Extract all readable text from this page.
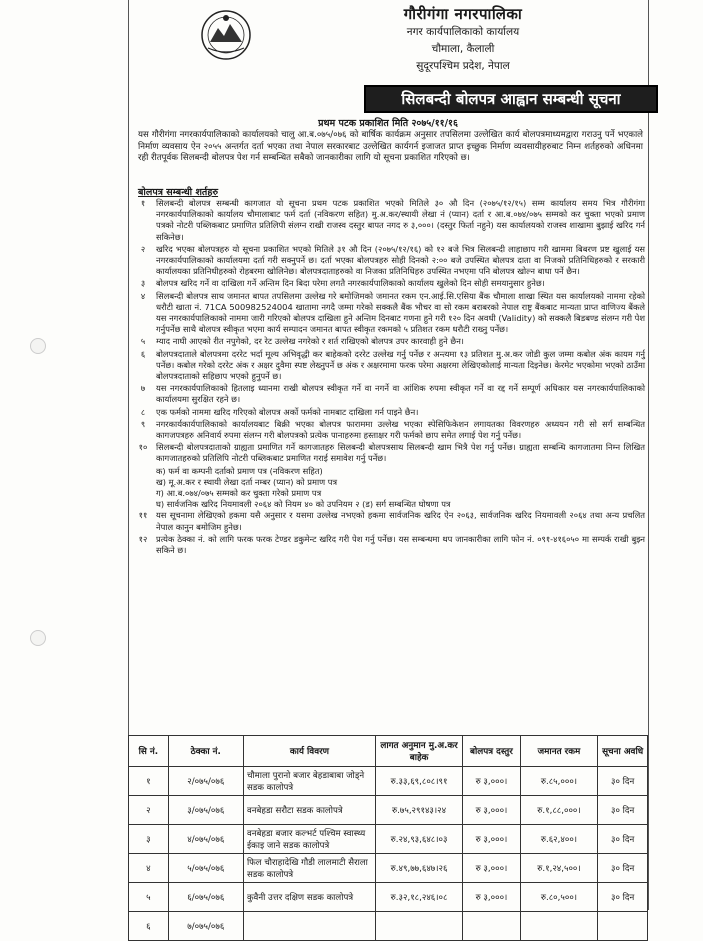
गौरीगंगा नगरपालिका
नगर कार्यपालिकाको कार्यालय
चौमाला, कैलाली
सुदूरपश्चिम प्रदेश, नेपाल
सिलबन्दी बोलपत्र आह्वान सम्बन्धी सूचना
प्रथम पटक प्रकाशित मिति २०७५/११/१६
यस गौरीगंगा नगरकार्यपालिकाको कार्यालयको चालु आ.ब.०७५/०७६ को बार्षिक कार्यक्रम अनुसार तपसिलमा उल्लेखित कार्य बोलपत्रमाध्यमद्वारा गराउनु पर्ने भएकाले निर्माण व्यवसाय ऐन २०५५ अन्तर्गत दर्ता भएका तथा नेपाल सरकारबाट उल्लेखित कार्यगर्न इजाजत प्राप्त इच्छुक निर्माण व्यवसायीहरुबाट निम्न शर्तहरुको अधिनमा रही रीतपूर्वक सिलबन्दी बोलपत्र पेश गर्न सम्बन्धित सबैको जानकारीका लागि यो सूचना प्रकाशित गरिएको छ।
बोलपत्र सम्बन्धी शर्तहरु
१	सिलबन्दी बोलपत्र सम्बन्धी कागजात यो सूचना प्रथम पटक प्रकाशित भएको मितिले ३० औ दिन (२०७५/१२/१५) सम्म कार्यालय समय भित्र गौरीगंगा नगरकार्यपालिकाको कार्यालय चौमालाबाट फर्म दर्ता (नविकरण सहित) मु.अ.कर/स्थायी लेखा नं (प्यान) दर्ता र आ.ब.०७४/०७५ सम्मको कर चुक्ता भएको प्रमाण पत्रको नोटरी पब्लिकबाट प्रमाणित प्रतिलिपी संलग्न राखी राजस्व दस्तुर बापत नगद रु ३,०००। (दस्तुर फिर्ता नहुने) यस कार्यालयको राजस्व शाखामा बुझाई खरिद गर्न सकिनेछ।
२	खरिद भएका बोलपत्रहरु यो सूचना प्रकाशित भएको मितिले ३१ औ दिन (२०७५/१२/१६) को १२ बजे भित्र सिलबन्दी लाहाछाप गरी खाममा बिबरण प्रष्ट खुलाई यस नगरकार्यपालिकाको कार्यालयमा दर्ता गरी सक्नुपर्ने छ। दर्ता भएका बोलपत्रहरु सोही दिनको २:०० बजे उपस्थित बोलपत्र दाता वा निजको प्रतिनिधिहरुको र सरकारी कार्यालयका प्रतिनिधीहरुको रोहबरमा खोलिनेछ। बोलपत्रदाताहरुको वा निजका प्रतिनिधिहरु उपस्थित नभएमा पनि बोलपत्र खोल्न बाधा पर्ने छैन।
३	बोलपत्र खरिद गर्ने वा दाखिला गर्ने अन्तिम दिन बिदा परेमा लगतै नगरकार्यपालिकाको कार्यालय खुलेको दिन सोही समयानुसार हुनेछ।
४	सिलबन्दी बोलपत्र साथ जमानत बापत तपसिलमा उल्लेख गरे बमोजिमको जमानत रकम एन.आई.सि.एसिया बैंक चौमाला शाखा स्थित यस कार्यालयको नाममा रहेको धरौटी खाता नं. 71CA 500982524004 खातामा नगदै जम्मा गरेको सक्कलै बैंक भौचर वा सो रकम बराबरको नेपाल राष्ट्र बैंकबाट मान्यता प्राप्त वाणिज्य बैंकले यस नगरकार्यपालिकाको नाममा जारी गरिएको बोलपत्र दाखिला हुने अन्तिम दिनबाट गणना हुने गरी १२० दिन अवधी (Validity) को सक्कलै बिडबण्ड संलग्न गरी पेश गर्नुपर्नेछ साथै बोलपत्र स्वीकृत भएमा कार्य सम्पादन जमानत बापत स्वीकृत रकमको ५ प्रतिशत रकम धरौटी राख्नु पर्नेछ।
५	म्याद नाघी आएको रीत नपुगेको, दर रेट उल्लेख नगरेको र शर्त राखिएको बोलपत्र उपर कारवाही हुने छैन।
६	बोलपत्रदाताले बोलपत्रमा दररेट भर्दा मूल्य अभिवृद्धी कर बाहेकको दररेट उल्लेख गर्नु पर्नेछ र अन्त्यमा १३ प्रतिशत मु.अ.कर जोडी कुल जम्मा कबोल अंक कायम गर्नु पर्नेछ। कबोल गरेको दररेट अंक र अक्षर दुवैमा स्पष्ट लेख्नुपर्ने छ अंक र अक्षरमामा फरक परेमा अक्षरमा लेखिएकोलाई मान्यता दिइनेछ। केरमेट भएकोमा भएको ठाउँमा बोलपत्रदाताको सहिछाप भएको हुनुपर्ने छ।
७	यस नगरकार्यपालिकाको हितलाइ ध्यानमा राखी बोलपत्र स्वीकृत गर्ने वा नगर्ने वा आंशिक रुपमा स्वीकृत गर्ने वा रद्द गर्ने सम्पूर्ण अधिकार यस नगरकार्यपालिकाको कार्यालयमा सुरक्षित रहने छ।
८	एक फर्मको नाममा खरिद गरिएको बोलपत्र अर्को फर्मको नामबाट दाखिला गर्न पाइने छैन।
९	नगरकार्यकार्यपालिकाको कार्यालयबाट बिक्री भएका बोलपत्र फाराममा उल्लेख भएका स्पेसिफिकेशन लगायतका विवरणहरु अध्ययन गरी सो सर्ग सम्बन्धित कागजपत्रहरु अनिवार्य रुपमा संलग्न गरी बोलपत्रको प्रत्येक पानाहरुमा हस्ताक्षर गरी फर्मको छाप समेत लगाई पेश गर्नु पर्नेछ।
१०	सिलबन्दी बोलपत्रदाताको ग्राह्यता प्रमाणित गर्ने कागजातहरु सिलबन्दी बोलपत्रसाथ सिलबन्दी खाम भित्रै पेश गर्नु पर्नेछ। ग्राह्यता सम्बन्धि कागजातमा निम्न लिखित कागजातहरुको प्रतिलिपि नोटरी पब्लिकबाट प्रमाणित गराई समावेश गर्नु पर्नेछ।
क) फर्म वा कम्पनी दर्ताको प्रमाण पत्र (नविकरण सहित)
ख) मू.अ.कर र स्थायी लेखा दर्ता नम्बर (प्यान) को प्रमाण पत्र
ग) आ.ब.०७४/०७५ सम्मको कर चुक्ता गरेको प्रमाण पत्र
घ) सार्वजनिक खरिद नियमावली २०६४ को नियम ४० को उपनियम २ (ड) सर्ग सम्बन्धित घोषणा पत्र
११	यस सूचनामा लेखिएको हकमा यसै अनुसार र यसमा उल्लेख नभएको हकमा सार्वजनिक खरिद ऐन २०६३, सार्वजनिक खरिद नियमावली २०६४ तथा अन्य प्रचलित नेपाल कानुन बमोजिम हुनेछ।
१२	प्रत्येक ठेक्का नं. को लागि फरक फरक टेण्डर डकुमेन्ट खरिद गरी पेश गर्नु पर्नेछ। यस सम्बन्धमा थप जानकारीका लागि फोन नं. ०९१-४१६०५० मा सम्पर्क राखी बुझ्न सकिने छ।
सि नं.	ठेक्का नं.	कार्य विवरण	लागत अनुमान मु.अ.कर बाहेक	बोलपत्र दस्तुर	जमानत रकम	सूचना अवधि
१	२/०७५/०७६	चौमाला पुरानो बजार बेहडाबाबा जोड्ने सडक कालोपत्रे	रु.३३,६९,८०८।९१	रु ३,०००।	रु.८५,०००।	३० दिन
२	३/०७५/०७६	वनबेहडा सरौटा सडक कालोपत्रे	रु.७५,२९१४३।२४	रु ३,०००।	रु.१,८८,०००।	३० दिन
३	४/०७५/०७६	वनबेहडा बजार कल्भर्ट पश्चिम स्वास्थ्य ईकाइ जाने सडक कालोपत्रे	रु.२४,९३,६४८।०३	रु ३,०००।	रु.६२,४००।	३० दिन
४	५/०७५/०७६	फिल चौराहादेखि गौडी लालमाटी सैराला सडक कालोपत्रे	रु.४९,७७,६४७।२६	रु ३,०००।	रु.१,२४,५००।	३० दिन
५	६/०७५/०७६	कुवैनी उत्तर दक्षिण सडक कालोपत्रे	रु.३२,१८,२४६।०८	रु ३,०००।	रु.८०,५००।	३० दिन
६	७/०७५/०७६					
